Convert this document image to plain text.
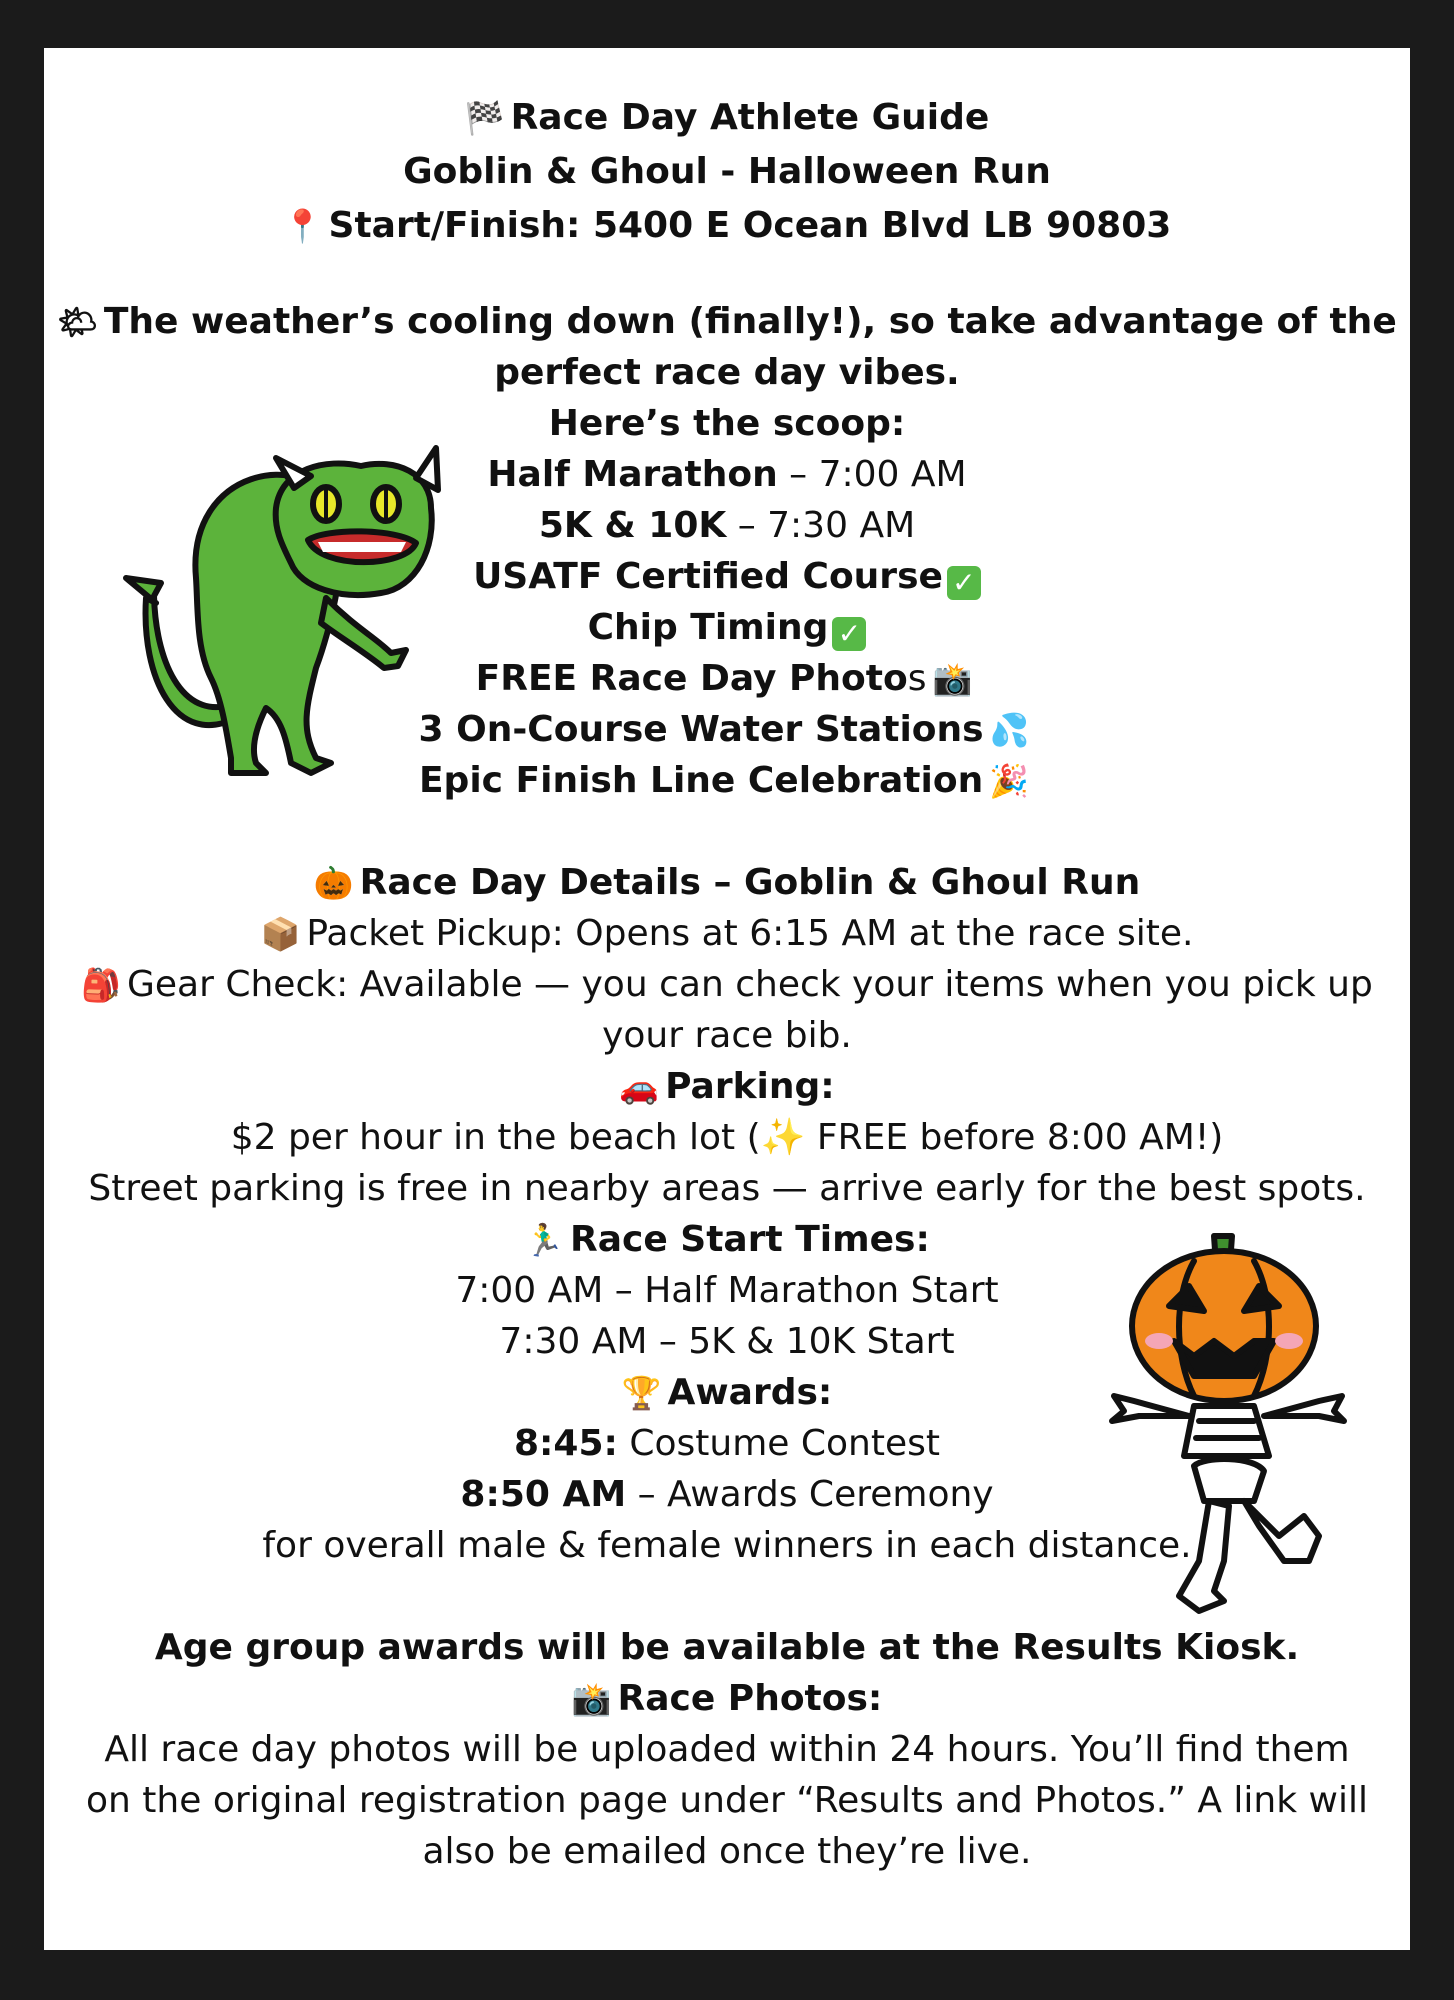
🏁 Race Day Athlete Guide
Goblin & Ghoul - Halloween Run
📍 Start/Finish: 5400 E Ocean Blvd LB 90803
🌤 The weather’s cooling down (finally!), so take advantage of the
perfect race day vibes.
Here’s the scoop:
Half Marathon – 7:00 AM
5K & 10K – 7:30 AM
USATF Certified Course ✓
Chip Timing ✓
FREE Race Day Photos 📸
3 On-Course Water Stations 💦
Epic Finish Line Celebration 🎉
🎃 Race Day Details – Goblin & Ghoul Run
📦 Packet Pickup: Opens at 6:15 AM at the race site.
🎒 Gear Check: Available — you can check your items when you pick up
your race bib.
🚗 Parking:
$2 per hour in the beach lot (✨ FREE before 8:00 AM!)
Street parking is free in nearby areas — arrive early for the best spots.
🏃‍♂️ Race Start Times:
7:00 AM – Half Marathon Start
7:30 AM – 5K & 10K Start
🏆 Awards:
8:45: Costume Contest
8:50 AM – Awards Ceremony
for overall male & female winners in each distance.
Age group awards will be available at the Results Kiosk.
📸 Race Photos:
All race day photos will be uploaded within 24 hours. You’ll find them
on the original registration page under “Results and Photos.” A link will
also be emailed once they’re live.
